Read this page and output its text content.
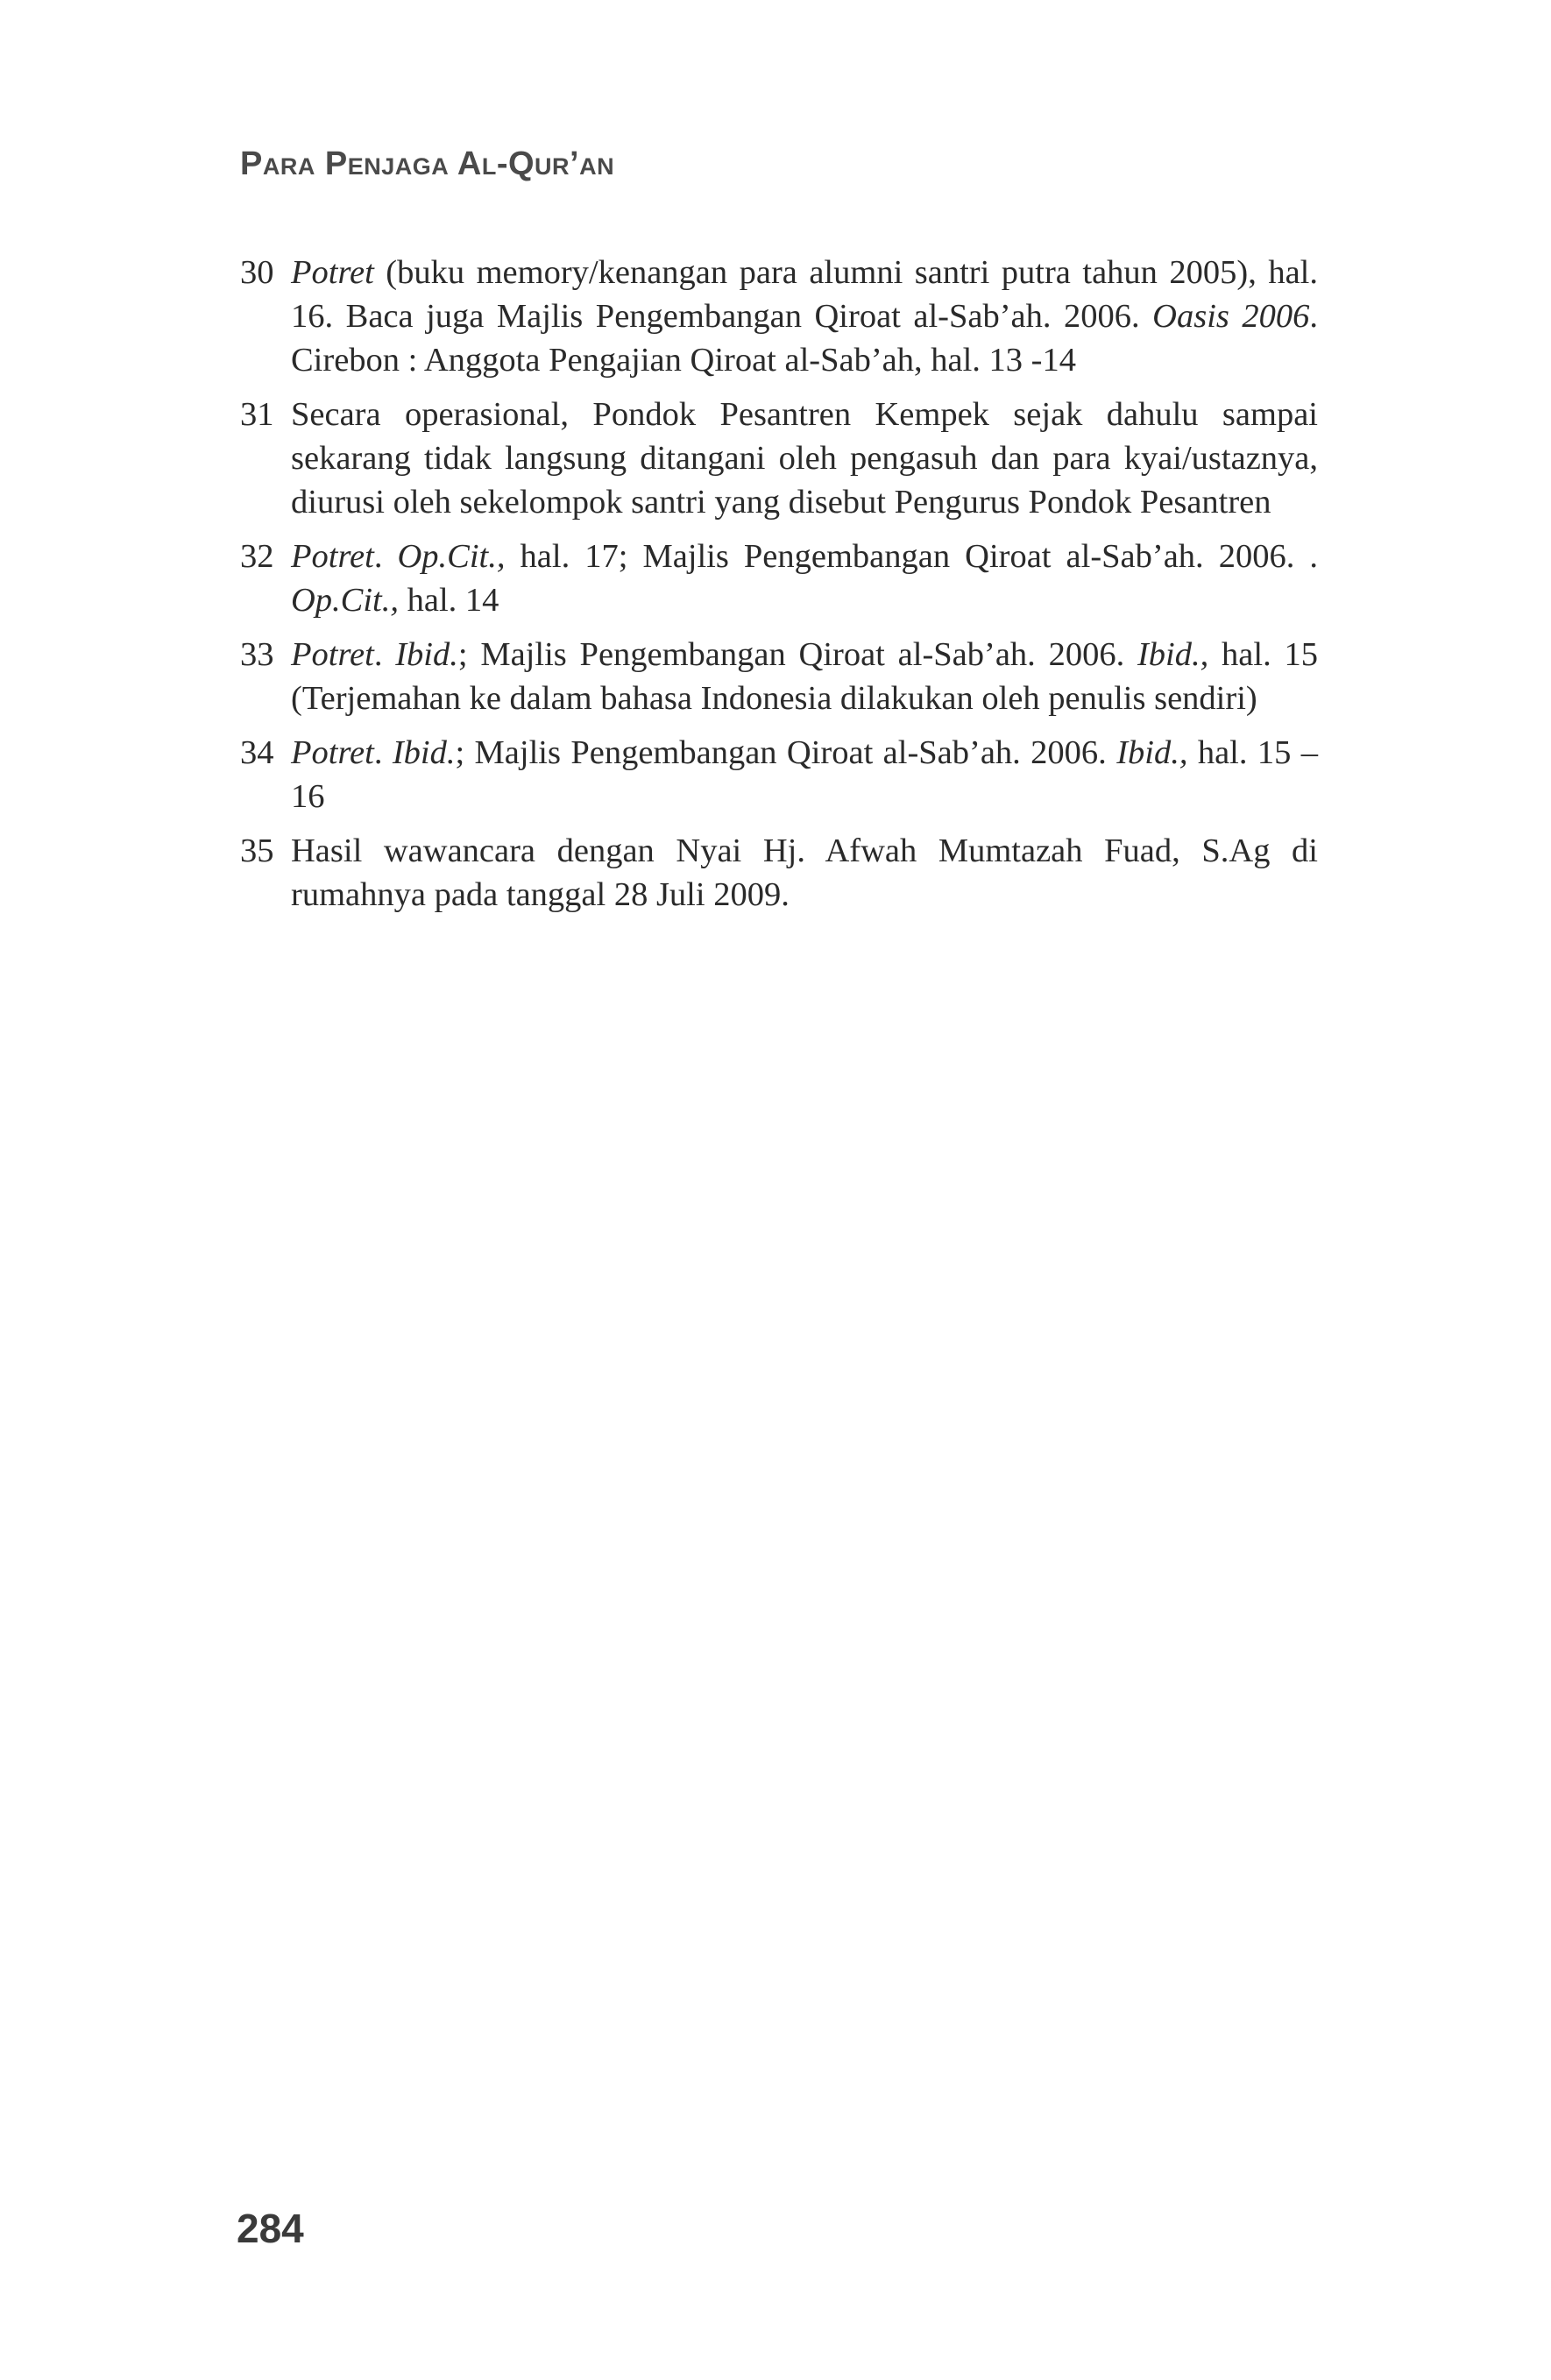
Para Penjaga Al-Qur’an
30 Potret (buku memory/kenangan para alumni santri putra tahun 2005), hal. 16. Baca juga Majlis Pengembangan Qiroat al-Sab’ah. 2006. Oasis 2006. Cirebon : Anggota Pengajian Qiroat al-Sab’ah, hal. 13 -14
31 Secara operasional, Pondok Pesantren Kempek sejak dahulu sampai sekarang tidak langsung ditangani oleh pengasuh dan para kyai/ustaznya, diurusi oleh sekelompok santri yang disebut Pengurus Pondok Pesantren
32 Potret. Op.Cit., hal. 17; Majlis Pengembangan Qiroat al-Sab’ah. 2006. . Op.Cit., hal. 14
33 Potret. Ibid.; Majlis Pengembangan Qiroat al-Sab’ah. 2006. Ibid., hal. 15 (Terjemahan ke dalam bahasa Indonesia dilakukan oleh penulis sendiri)
34 Potret. Ibid.; Majlis Pengembangan Qiroat al-Sab’ah. 2006. Ibid., hal. 15 – 16
35 Hasil wawancara dengan Nyai Hj. Afwah Mumtazah Fuad, S.Ag di rumahnya pada tanggal 28 Juli 2009.
284
